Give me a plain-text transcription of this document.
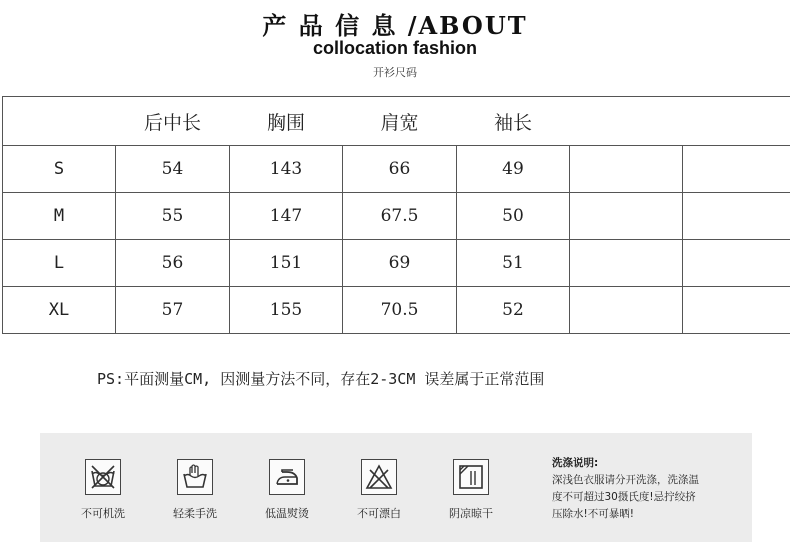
产 品 信 息 /ABOUT
collocation fashion
开衫尺码
	后中长	胸围	肩宽	袖长		
S	54	143	66	49		
M	55	147	67.5	50		
L	56	151	69	51		
XL	57	155	70.5	52		
PS:平面测量CM, 因测量方法不同，存在2-3CM 误差属于正常范围
不可机洗	轻柔手洗	低温熨烫	不可漂白	阴凉晾干
洗涤说明:
深浅色衣服请分开洗涤，洗涤温
度不可超过30摄氏度!忌拧绞挤
压除水!不可暴晒!
